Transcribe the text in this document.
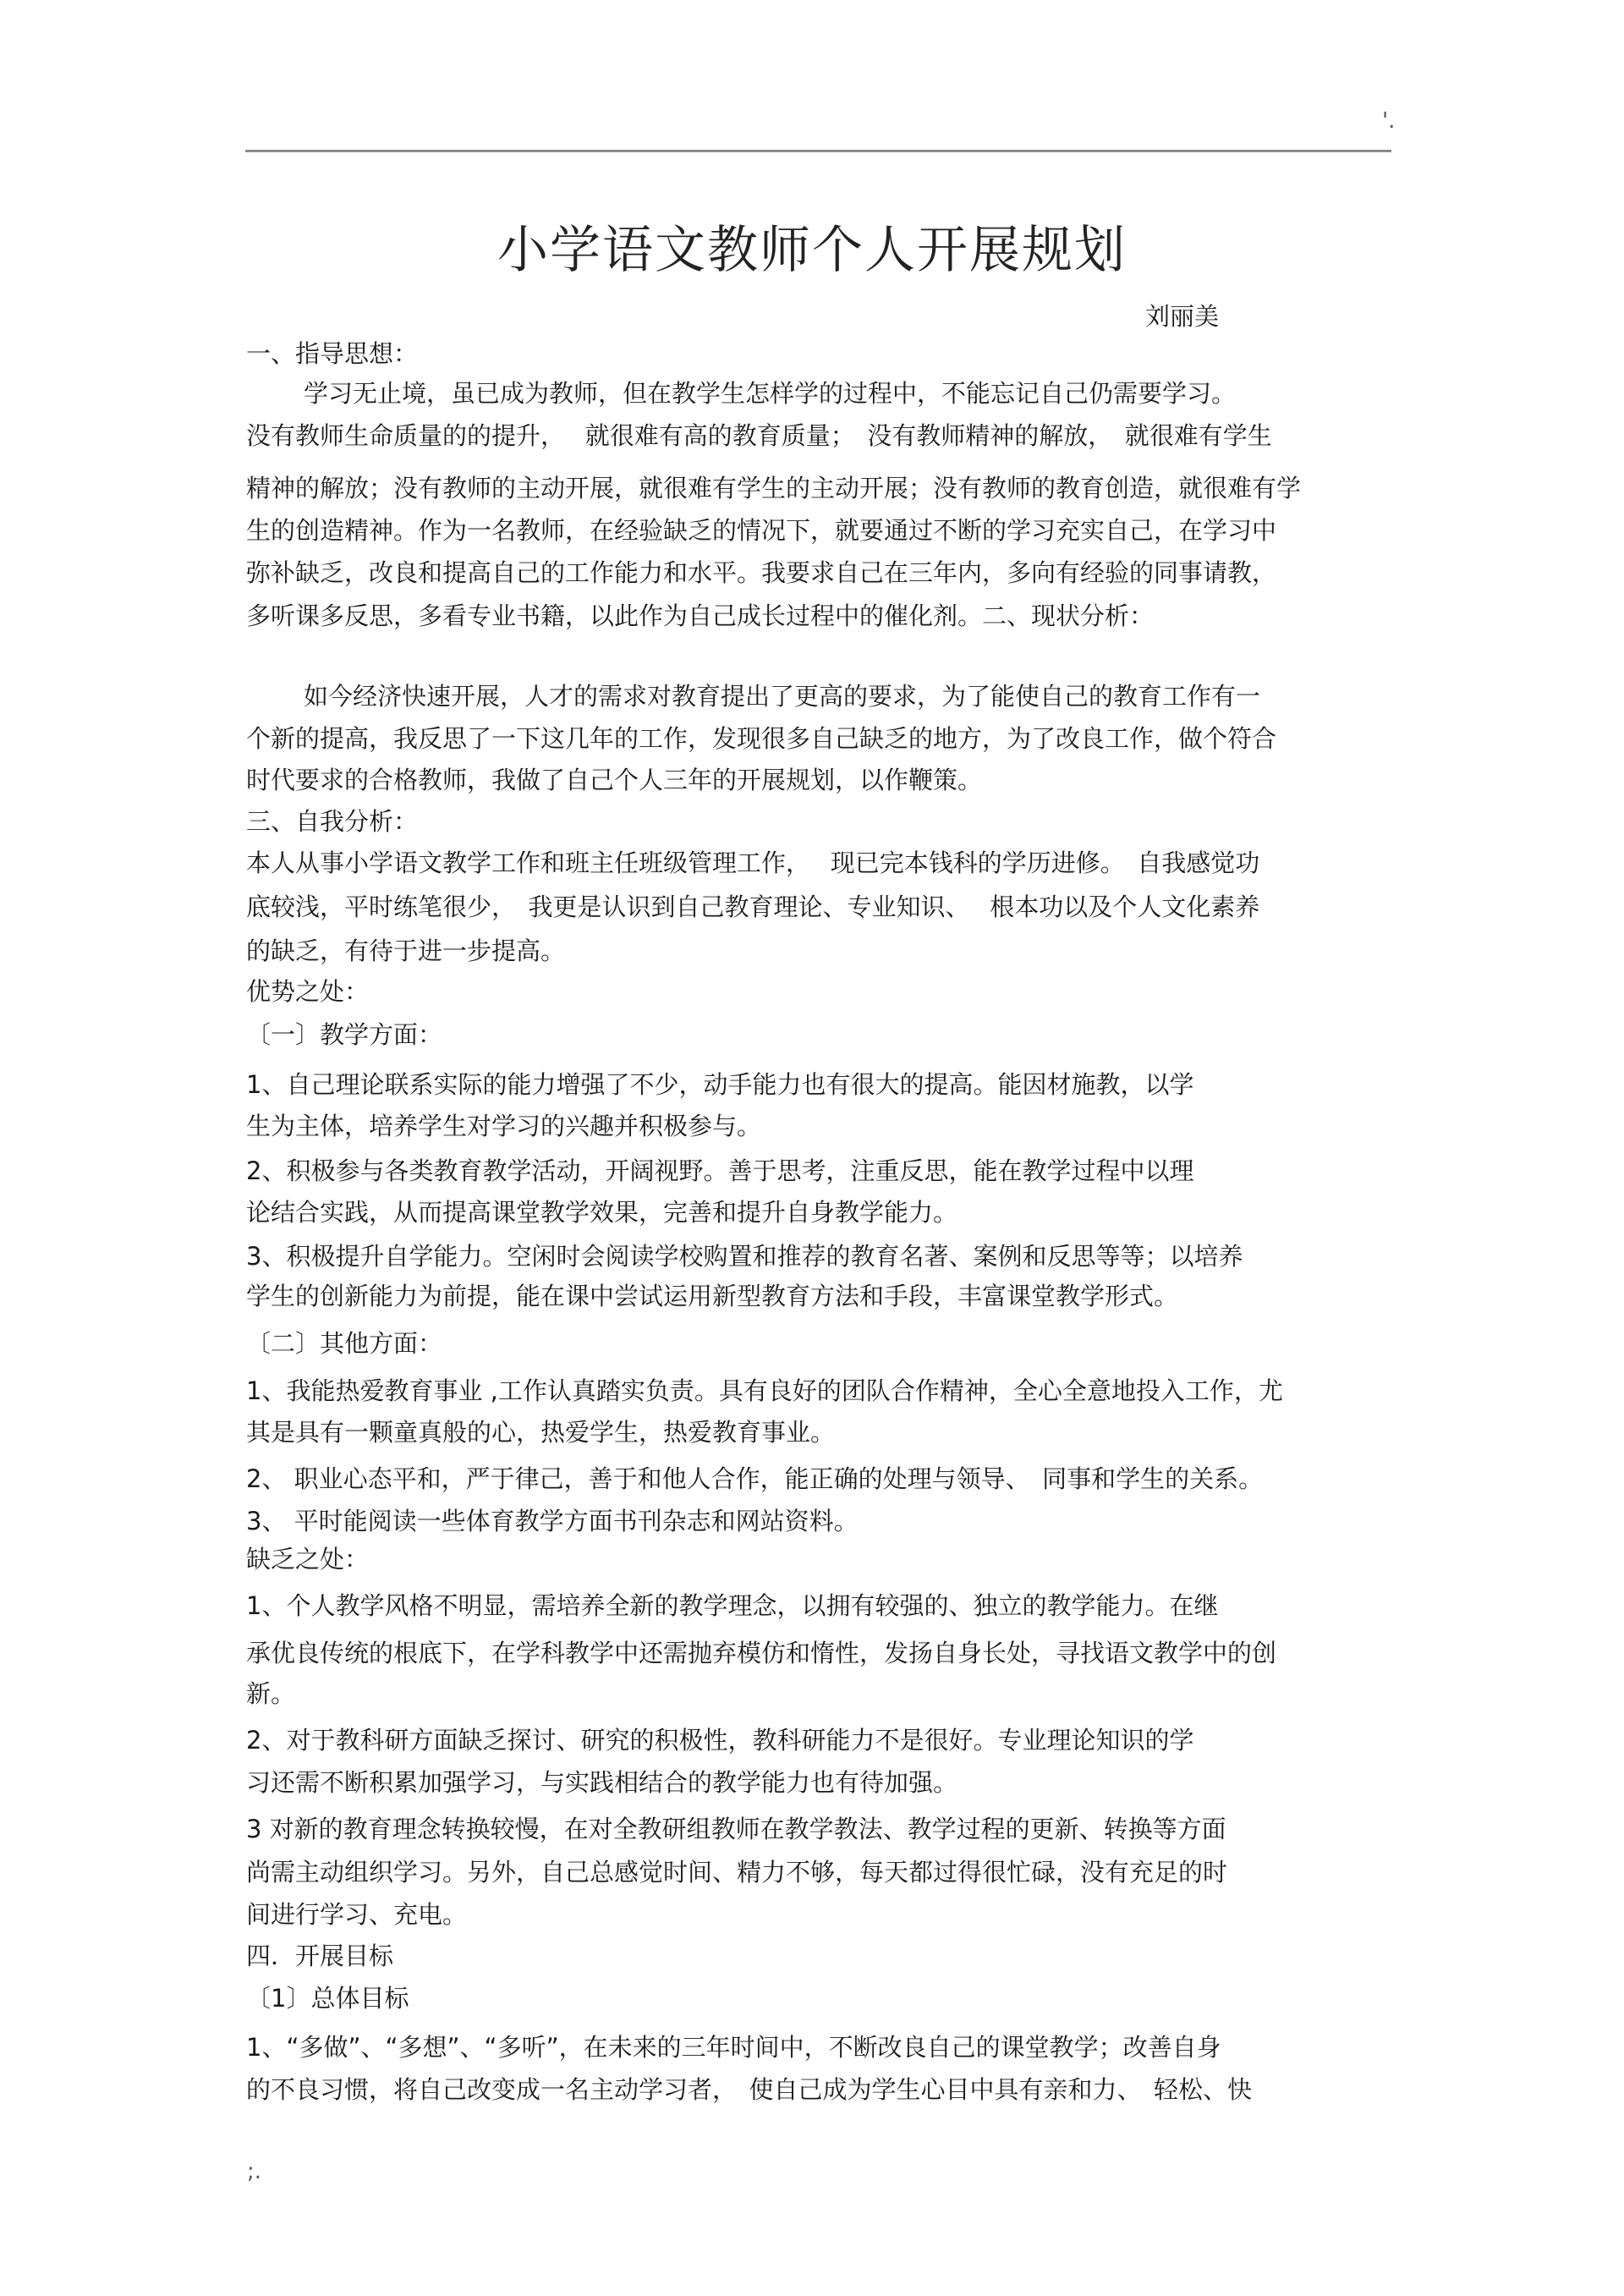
'.
小学语文教师个人开展规划
刘丽美
一、指导思想：
学习无止境，虽已成为教师，但在教学生怎样学的过程中，不能忘记自己仍需要学习。
没有教师生命质量的的提升，　 就很难有高的教育质量；　没有教师精神的解放，　就很难有学生
精神的解放；没有教师的主动开展，就很难有学生的主动开展；没有教师的教育创造，就很难有学
生的创造精神。作为一名教师，在经验缺乏的情况下，就要通过不断的学习充实自己，在学习中
弥补缺乏，改良和提高自己的工作能力和水平。我要求自己在三年内，多向有经验的同事请教，
多听课多反思，多看专业书籍，以此作为自己成长过程中的催化剂。二、现状分析：
如今经济快速开展，人才的需求对教育提出了更高的要求，为了能使自己的教育工作有一
个新的提高，我反思了一下这几年的工作，发现很多自己缺乏的地方，为了改良工作，做个符合
时代要求的合格教师，我做了自己个人三年的开展规划，以作鞭策。
三、自我分析：
本人从事小学语文教学工作和班主任班级管理工作，　 现已完本钱科的学历进修。　自我感觉功
底较浅，平时练笔很少，　我更是认识到自己教育理论、专业知识、　 根本功以及个人文化素养
的缺乏，有待于进一步提高。
优势之处：
〔一〕教学方面：
1、自己理论联系实际的能力增强了不少，动手能力也有很大的提高。能因材施教，以学
生为主体，培养学生对学习的兴趣并积极参与。
2、积极参与各类教育教学活动，开阔视野。善于思考，注重反思，能在教学过程中以理
论结合实践，从而提高课堂教学效果，完善和提升自身教学能力。
3、积极提升自学能力。空闲时会阅读学校购置和推荐的教育名著、案例和反思等等；以培养
学生的创新能力为前提，能在课中尝试运用新型教育方法和手段，丰富课堂教学形式。
〔二〕其他方面：
1、我能热爱教育事业 ,工作认真踏实负责。具有良好的团队合作精神，全心全意地投入工作，尤
其是具有一颗童真般的心，热爱学生，热爱教育事业。
2、 职业心态平和，严于律己，善于和他人合作，能正确的处理与领导、　同事和学生的关系。
3、 平时能阅读一些体育教学方面书刊杂志和网站资料。
缺乏之处：
1、个人教学风格不明显，需培养全新的教学理念，以拥有较强的、独立的教学能力。在继
承优良传统的根底下，在学科教学中还需抛弃模仿和惰性，发扬自身长处，寻找语文教学中的创
新。
2、对于教科研方面缺乏探讨、研究的积极性，教科研能力不是很好。专业理论知识的学
习还需不断积累加强学习，与实践相结合的教学能力也有待加强。
3 对新的教育理念转换较慢，在对全教研组教师在教学教法、教学过程的更新、转换等方面
尚需主动组织学习。另外，自己总感觉时间、精力不够，每天都过得很忙碌，没有充足的时
间进行学习、充电。
四．开展目标
〔1〕总体目标
1、“多做”、“多想”、“多听”，在未来的三年时间中，不断改良自己的课堂教学；改善自身
的不良习惯，将自己改变成一名主动学习者，　使自己成为学生心目中具有亲和力、　轻松、快
;.
